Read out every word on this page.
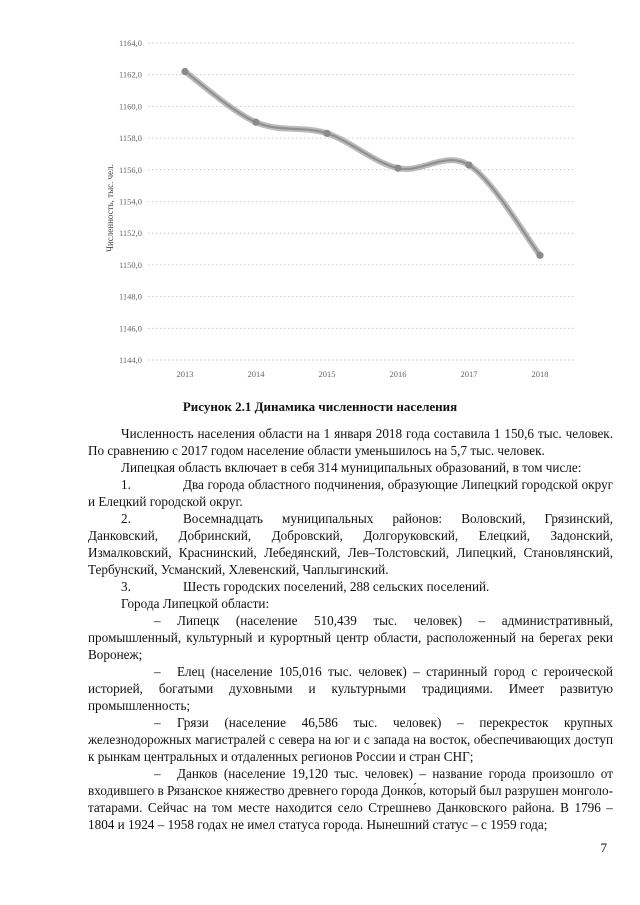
1144,0
1146,0
1148,0
1150,0
1152,0
1154,0
1156,0
1158,0
1160,0
1162,0
1164,0
2013	2014	2015	2016	2017	2018
Численность, тыс. чел.
Рисунок 2.1 Динамика численности населения

Численность населения области на 1 января 2018 года составила 1 150,6 тыс. человек. По сравнению с 2017 годом население области уменьшилось на 5,7 тыс. человек.

Липецкая область включает в себя 314 муниципальных образований, в том числе:

1.	Два города областного подчинения, образующие Липецкий городской округ и Елецкий городской округ.

2.	Восемнадцать муниципальных районов: Воловский, Грязинский, Данковский, Добринский, Добровский, Долгоруковский, Елецкий, Задонский, Измалковский, Краснинский, Лебедянский, Лев–Толстовский, Липецкий, Становлянский, Тербунский, Усманский, Хлевенский, Чаплыгинский.

3.	Шесть городских поселений, 288 сельских поселений.

Города Липецкой области:

– Липецк (население 510,439 тыс. человек) – административный, промышленный, культурный и курортный центр области, расположенный на берегах реки Воронеж;

– Елец (население 105,016 тыс. человек) – старинный город с героической историей, богатыми духовными и культурными традициями. Имеет развитую промышленность;

– Грязи (население 46,586 тыс. человек) – перекресток крупных железнодорожных магистралей с севера на юг и с запада на восток, обеспечивающих доступ к рынкам центральных и отдаленных регионов России и стран СНГ;

– Данков (население 19,120 тыс. человек) – название города произошло от входившего в Рязанское княжество древнего города Донко́в, который был разрушен монголо-татарами. Сейчас на том месте находится село Стрешнево Данковского района. В 1796 – 1804 и 1924 – 1958 годах не имел статуса города. Нынешний статус – с 1959 года;

7
